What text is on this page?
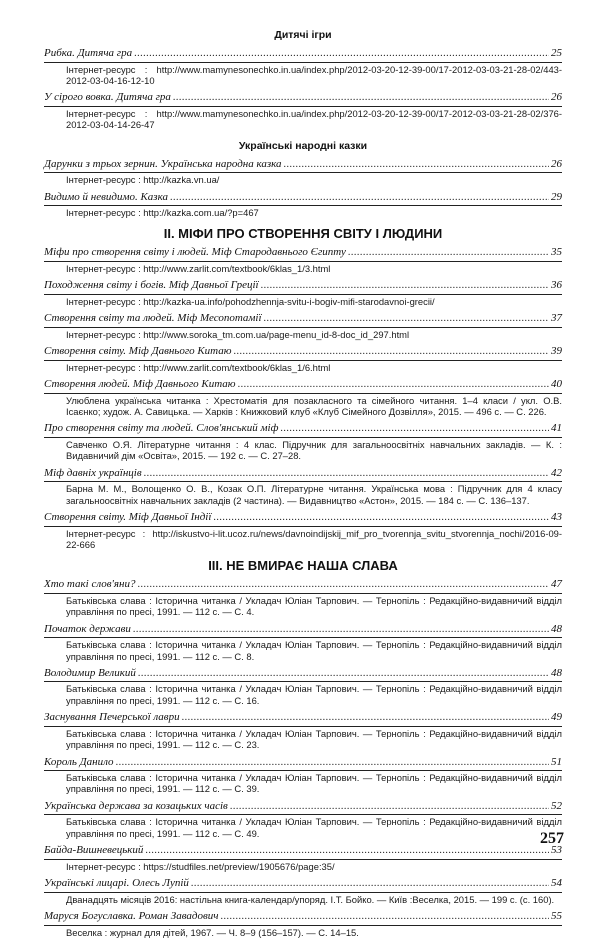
Дитячі ігри
Рибка. Дитяча гра .....	25
Інтернет-ресурс : http://www.mamynesonechko.in.ua/index.php/2012-03-20-12-39-00/17-2012-03-03-21-28-02/443-2012-03-04-16-12-10
У сірого вовка. Дитяча гра .....	26
Інтернет-ресурс : http://www.mamynesonechko.in.ua/index.php/2012-03-20-12-39-00/17-2012-03-03-21-28-02/376-2012-03-04-14-26-47
Українські народні казки
Дарунки з трьох зернин. Українська народна казка .....	26
Інтернет-ресурс : http://kazka.vn.ua/
Видимо й невидимо. Казка .....	29
Інтернет-ресурс : http://kazka.com.ua/?p=467
ІІ. МІФИ ПРО СТВОРЕННЯ СВІТУ І ЛЮДИНИ
Міфи про створення світу і людей. Міф Стародавнього Єгипту .....	35
Інтернет-ресурс : http://www.zarlit.com/textbook/6klas_1/3.html
Походження світу і богів. Міф Давньої Греції .....	36
Інтернет-ресурс : http://kazka-ua.info/pohodzhennja-svitu-i-bogiv-mifi-starodavnoi-grecii/
Створення світу та людей. Міф Месопотамії .....	37
Інтернет-ресурс : http://www.soroka_tm.com.ua/page-menu_id-8-doc_id_297.html
Створення світу. Міф Давнього Китаю .....	39
Інтернет-ресурс : http://www.zarlit.com/textbook/6klas_1/6.html
Створення людей. Міф Давнього Китаю .....	40
Улюблена українська читанка : Хрестоматія для позакласного та сімейного читання. 1–4 класи / укл. О.В. Ісаєнко; худож. А. Савицька. — Харків : Книжковий клуб «Клуб Сімейного Дозвілля», 2015. — 496 с. — С. 226.
Про створення світу та людей. Слов'янський міф .....	41
Савченко О.Я. Літературне читання : 4 клас. Підручник для загальноосвітніх навчальних закладів. — К. : Видавничий дім «Освіта», 2015. — 192 с. — С. 27–28.
Міф давніх українців .....	42
Барна М. М., Волощенко О. В., Козак О.П. Літературне читання. Українська мова : Підручник для 4 класу загальноосвітніх навчальних закладів (2 частина). — Видавництво «Астон», 2015. — 184 с. — С. 136–137.
Створення світу. Міф Давньої Індії .....	43
Інтернет-ресурс : http://iskustvo-i-lit.ucoz.ru/news/davnoindijskij_mif_pro_tvorennja_svitu_stvorennja_nochi/2016-09-22-666
ІІІ. НЕ ВМИРАЄ НАША СЛАВА
Хто такі слов'яни? .....	47
Батьківська слава : Історична читанка / Укладач Юліан Тарпович. — Тернопіль : Редакційно-видавничий відділ управління по пресі, 1991. — 112 с. — С. 4.
Початок держави .....	48
Батьківська слава : Історична читанка / Укладач Юліан Тарпович. — Тернопіль : Редакційно-видавничий відділ управління по пресі, 1991. — 112 с. — С. 8.
Володимир Великий .....	48
Батьківська слава : Історична читанка / Укладач Юліан Тарпович. — Тернопіль : Редакційно-видавничий відділ управління по пресі, 1991. — 112 с. — С. 16.
Заснування Печерської лаври .....	49
Батьківська слава : Історична читанка / Укладач Юліан Тарпович. — Тернопіль : Редакційно-видавничий відділ управління по пресі, 1991. — 112 с. — С. 23.
Король Данило .....	51
Батьківська слава : Історична читанка / Укладач Юліан Тарпович. — Тернопіль : Редакційно-видавничий відділ управління по пресі, 1991. — 112 с. — С. 39.
Українська держава за козацьких часів .....	52
Батьківська слава : Історична читанка / Укладач Юліан Тарпович. — Тернопіль : Редакційно-видавничий відділ управління по пресі, 1991. — 112 с. — С. 49.
Байда-Вишневецький .....	53
Інтернет-ресурс : https://studfiles.net/preview/1905676/page:35/
Українські лицарі. Олесь Лупій .....	54
Дванадцять місяців 2016: настільна книга-календар/упоряд. І.Т. Бойко. — Київ :Веселка, 2015. — 199 с. (с. 160).
Маруся Богуславка. Роман Завадович .....	55
Веселка : журнал для дітей, 1967. — Ч. 8–9 (156–157). — С. 14–15.
257
